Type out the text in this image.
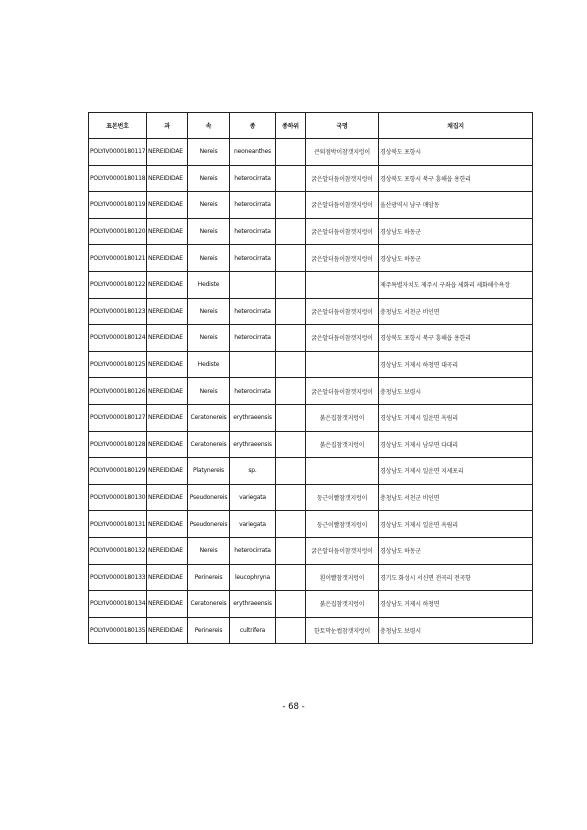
표본번호	과	속	종	종하위	국명	채집지
POLYIV0000180117	NEREIDIDAE	Nereis	neoneanthes		큰퇴점박이참갯지렁이	경상북도 포항시
POLYIV0000180118	NEREIDIDAE	Nereis	heterocirrata		굵은알더듬이참갯지렁이	경상북도 포항시 북구 흥해읍 용한리
POLYIV0000180119	NEREIDIDAE	Nereis	heterocirrata		굵은알더듬이참갯지렁이	울산광역시 남구 매암동
POLYIV0000180120	NEREIDIDAE	Nereis	heterocirrata		굵은알더듬이참갯지렁이	경상남도 하동군
POLYIV0000180121	NEREIDIDAE	Nereis	heterocirrata		굵은알더듬이참갯지렁이	경상남도 하동군
POLYIV0000180122	NEREIDIDAE	Hediste				제주특별자치도 제주시 구좌읍 세화리 세화해수욕장
POLYIV0000180123	NEREIDIDAE	Nereis	heterocirrata		굵은알더듬이참갯지렁이	충청남도 서천군 비인면
POLYIV0000180124	NEREIDIDAE	Nereis	heterocirrata		굵은알더듬이참갯지렁이	경상북도 포항시 북구 흥해읍 용한리
POLYIV0000180125	NEREIDIDAE	Hediste				경상남도 거제시 하청면 대곡리
POLYIV0000180126	NEREIDIDAE	Nereis	heterocirrata		굵은알더듬이참갯지렁이	충청남도 보령시
POLYIV0000180127	NEREIDIDAE	Ceratonereis	erythraeensis		붉은집참갯지렁이	경상남도 거제시 일운면 옥림리
POLYIV0000180128	NEREIDIDAE	Ceratonereis	erythraeensis		붉은집참갯지렁이	경상남도 거제시 남부면 다대리
POLYIV0000180129	NEREIDIDAE	Platynereis	sp.			경상남도 거제시 일운면 지세포리
POLYIV0000180130	NEREIDIDAE	Pseudonereis	variegata		둥근이빨참갯지렁이	충청남도 서천군 비인면
POLYIV0000180131	NEREIDIDAE	Pseudonereis	variegata		둥근이빨참갯지렁이	경상남도 거제시 일운면 옥림리
POLYIV0000180132	NEREIDIDAE	Nereis	heterocirrata		굵은알더듬이참갯지렁이	경상남도 하동군
POLYIV0000180133	NEREIDIDAE	Perinereis	leucophryna		흰이빨참갯지렁이	경기도 화성시 서신면 전곡리 전곡항
POLYIV0000180134	NEREIDIDAE	Ceratonereis	erythraeensis		붉은집참갯지렁이	경상남도 거제시 하청면
POLYIV0000180135	NEREIDIDAE	Perinereis	cultrifera		한토막눈썹참갯지렁이	충청남도 보령시
- 68 -
